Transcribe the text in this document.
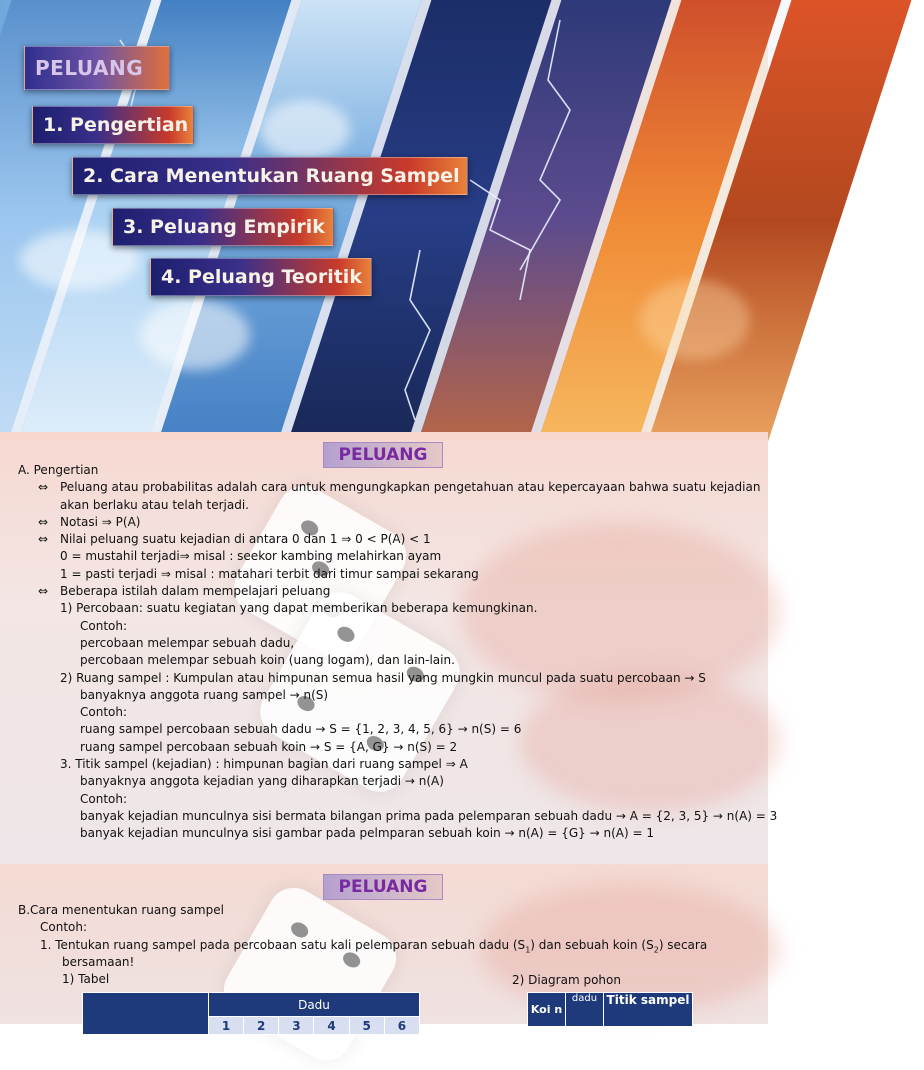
PELUANG
1. Pengertian
2. Cara Menentukan Ruang Sampel
3. Peluang Empirik
4. Peluang Teoritik
PELUANG
A. Pengertian
⇔ Peluang atau probabilitas adalah cara untuk mengungkapkan pengetahuan atau kepercayaan bahwa suatu kejadian
akan berlaku atau telah terjadi.
⇔ Notasi ⇒ P(A)
⇔ Nilai peluang suatu kejadian di antara 0 dan 1 ⇒ 0 < P(A) < 1
0 = mustahil terjadi⇒ misal : seekor kambing melahirkan ayam
1 = pasti terjadi ⇒ misal : matahari terbit dari timur sampai sekarang
⇔ Beberapa istilah dalam mempelajari peluang
1) Percobaan: suatu kegiatan yang dapat memberikan beberapa kemungkinan.
Contoh:
percobaan melempar sebuah dadu,
percobaan melempar sebuah koin (uang logam), dan lain-lain.
2) Ruang sampel : Kumpulan atau himpunan semua hasil yang mungkin muncul pada suatu percobaan → S
banyaknya anggota ruang sampel → n(S)
Contoh:
ruang sampel percobaan sebuah dadu → S = {1, 2, 3, 4, 5, 6} → n(S) = 6
ruang sampel percobaan sebuah koin → S = {A, G} → n(S) = 2
3. Titik sampel (kejadian) : himpunan bagian dari ruang sampel ⇒ A
banyaknya anggota kejadian yang diharapkan terjadi → n(A)
Contoh:
banyak kejadian munculnya sisi bermata bilangan prima pada pelemparan sebuah dadu → A = {2, 3, 5} → n(A) = 3
banyak kejadian munculnya sisi gambar pada pelmparan sebuah koin → n(A) = {G} → n(A) = 1
PELUANG
B.Cara menentukan ruang sampel
Contoh:
1. Tentukan ruang sampel pada percobaan satu kali pelemparan sebuah dadu $(S_1)$ dan sebuah koin $(S_2)$ secara
bersamaan!
1) Tabel	2) Diagram pohon
	Dadu					
	1	2	3	4	5	6
Koi n	dadu	Titik sampel
